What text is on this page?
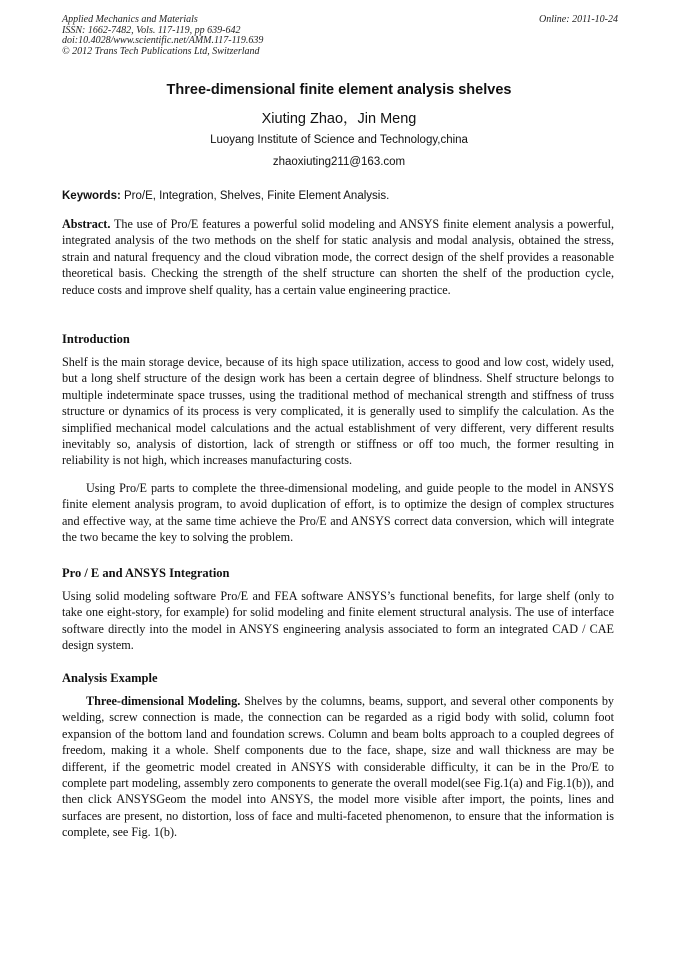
Applied Mechanics and Materials
ISSN: 1662-7482, Vols. 117-119, pp 639-642
doi:10.4028/www.scientific.net/AMM.117-119.639
© 2012 Trans Tech Publications Ltd, Switzerland
Online: 2011-10-24
Three-dimensional finite element analysis shelves
Xiuting Zhao，Jin Meng
Luoyang Institute of Science and Technology,china
zhaoxiuting211@163.com
Keywords: Pro/E, Integration, Shelves, Finite Element Analysis.
Abstract. The use of Pro/E features a powerful solid modeling and ANSYS finite element analysis a powerful, integrated analysis of the two methods on the shelf for static analysis and modal analysis, obtained the stress, strain and natural frequency and the cloud vibration mode, the correct design of the shelf provides a reasonable theoretical basis. Checking the strength of the shelf structure can shorten the shelf of the production cycle, reduce costs and improve shelf quality, has a certain value engineering practice.
Introduction
Shelf is the main storage device, because of its high space utilization, access to good and low cost, widely used, but a long shelf structure of the design work has been a certain degree of blindness. Shelf structure belongs to multiple indeterminate space trusses, using the traditional method of mechanical strength and stiffness of truss structure or dynamics of its process is very complicated, it is generally used to simplify the calculation. As the simplified mechanical model calculations and the actual establishment of very different, very different results inevitably so, analysis of distortion, lack of strength or stiffness or off too much, the former resulting in reliability is not high, which increases manufacturing costs.
Using Pro/E parts to complete the three-dimensional modeling, and guide people to the model in ANSYS finite element analysis program, to avoid duplication of effort, is to optimize the design of complex structures and effective way, at the same time achieve the Pro/E and ANSYS correct data conversion, which will integrate the two became the key to solving the problem.
Pro / E and ANSYS Integration
Using solid modeling software Pro/E and FEA software ANSYS’s functional benefits, for large shelf (only to take one eight-story, for example) for solid modeling and finite element structural analysis. The use of interface software directly into the model in ANSYS engineering analysis associated to form an integrated CAD / CAE design system.
Analysis Example
Three-dimensional Modeling. Shelves by the columns, beams, support, and several other components by welding, screw connection is made, the connection can be regarded as a rigid body with solid, column foot expansion of the bottom land and foundation screws. Column and beam bolts approach to a coupled degrees of freedom, making it a whole. Shelf components due to the face, shape, size and wall thickness are may be different, if the geometric model created in ANSYS with considerable difficulty, it can be in the Pro/E to complete part modeling, assembly zero components to generate the overall model(see Fig.1(a) and Fig.1(b)), and then click ANSYSGeom the model into ANSYS, the model more visible after import, the points, lines and surfaces are present, no distortion, loss of face and multi-faceted phenomenon, to ensure that the information is complete, see Fig. 1(b).
